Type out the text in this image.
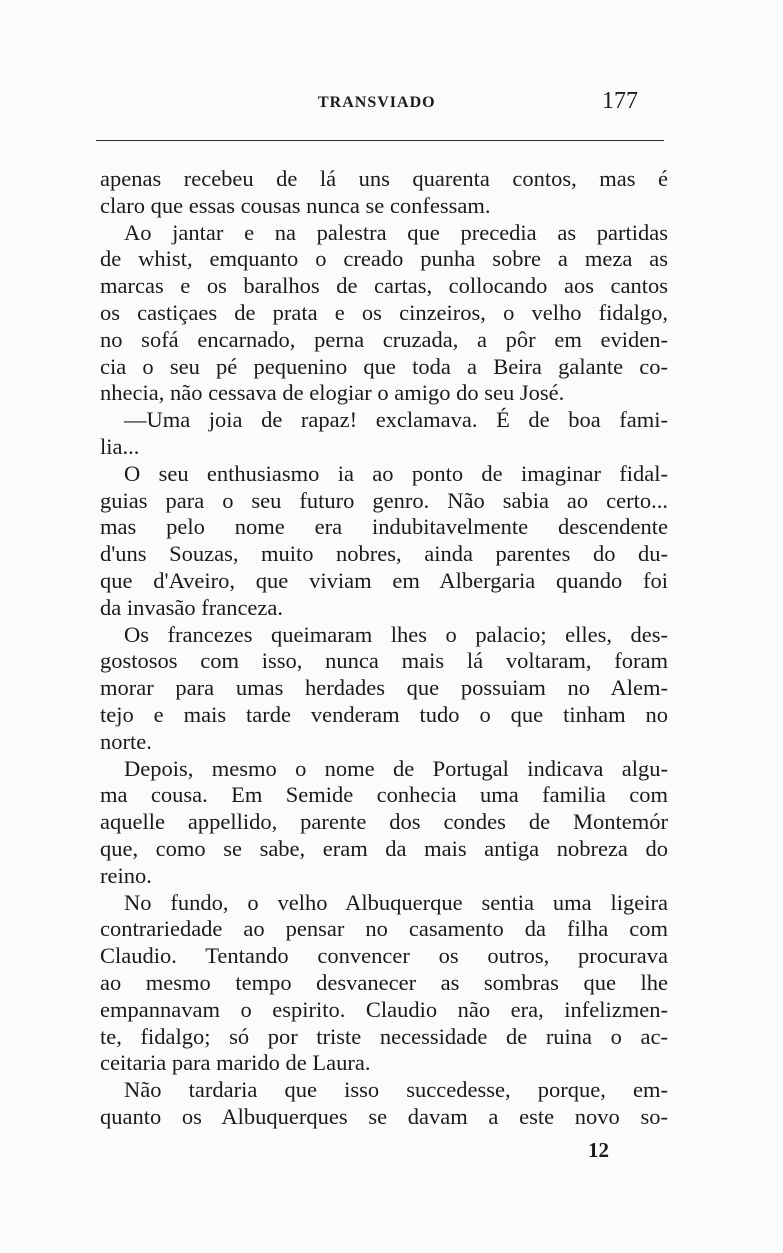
TRANSVIADO	177
apenas recebeu de lá uns quarenta contos, mas é
claro que essas cousas nunca se confessam.
Ao jantar e na palestra que precedia as partidas
de whist, emquanto o creado punha sobre a meza as
marcas e os baralhos de cartas, collocando aos cantos
os castiçaes de prata e os cinzeiros, o velho fidalgo,
no sofá encarnado, perna cruzada, a pôr em eviden-
cia o seu pé pequenino que toda a Beira galante co-
nhecia, não cessava de elogiar o amigo do seu José.
—Uma joia de rapaz! exclamava. É de boa fami-
lia...
O seu enthusiasmo ia ao ponto de imaginar fidal-
guias para o seu futuro genro. Não sabia ao certo...
mas pelo nome era indubitavelmente descendente
d'uns Souzas, muito nobres, ainda parentes do du-
que d'Aveiro, que viviam em Albergaria quando foi
da invasão franceza.
Os francezes queimaram lhes o palacio; elles, des-
gostosos com isso, nunca mais lá voltaram, foram
morar para umas herdades que possuiam no Alem-
tejo e mais tarde venderam tudo o que tinham no
norte.
Depois, mesmo o nome de Portugal indicava algu-
ma cousa. Em Semide conhecia uma familia com
aquelle appellido, parente dos condes de Montemór
que, como se sabe, eram da mais antiga nobreza do
reino.
No fundo, o velho Albuquerque sentia uma ligeira
contrariedade ao pensar no casamento da filha com
Claudio. Tentando convencer os outros, procurava
ao mesmo tempo desvanecer as sombras que lhe
empannavam o espirito. Claudio não era, infelizmen-
te, fidalgo; só por triste necessidade de ruina o ac-
ceitaria para marido de Laura.
Não tardaria que isso succedesse, porque, em-
quanto os Albuquerques se davam a este novo so-
12
